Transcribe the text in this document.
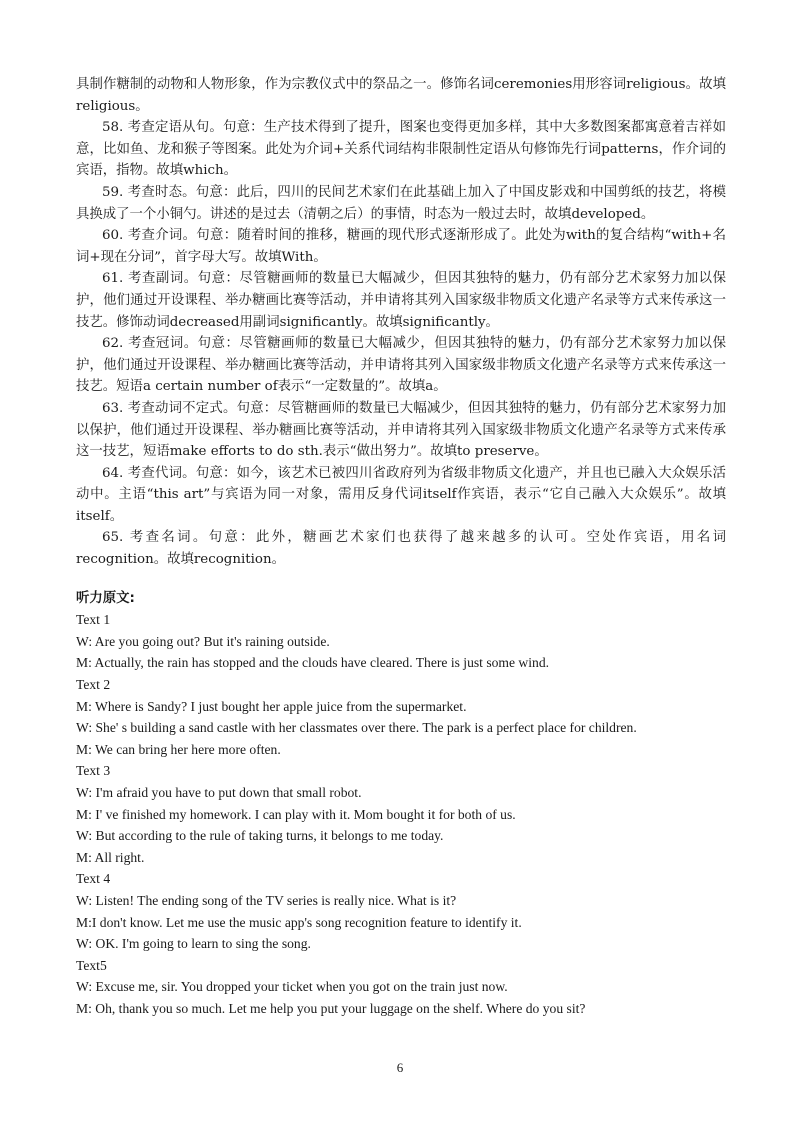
具制作糖制的动物和人物形象，作为宗教仪式中的祭品之一。修饰名词ceremonies用形容词religious。故填religious。

58. 考查定语从句。句意：生产技术得到了提升，图案也变得更加多样，其中大多数图案都寓意着吉祥如意，比如鱼、龙和猴子等图案。此处为介词+关系代词结构非限制性定语从句修饰先行词patterns，作介词的宾语，指物。故填which。

59. 考查时态。句意：此后，四川的民间艺术家们在此基础上加入了中国皮影戏和中国剪纸的技艺，将模具换成了一个小铜勺。讲述的是过去（清朝之后）的事情，时态为一般过去时，故填developed。

60. 考查介词。句意：随着时间的推移，糖画的现代形式逐渐形成了。此处为with的复合结构“with+名词+现在分词”，首字母大写。故填With。

61. 考查副词。句意：尽管糖画师的数量已大幅减少，但因其独特的魅力，仍有部分艺术家努力加以保护，他们通过开设课程、举办糖画比赛等活动，并申请将其列入国家级非物质文化遗产名录等方式来传承这一技艺。修饰动词decreased用副词significantly。故填significantly。

62. 考查冠词。句意：尽管糖画师的数量已大幅减少，但因其独特的魅力，仍有部分艺术家努力加以保护，他们通过开设课程、举办糖画比赛等活动，并申请将其列入国家级非物质文化遗产名录等方式来传承这一技艺。短语a certain number of表示“一定数量的”。故填a。

63. 考查动词不定式。句意：尽管糖画师的数量已大幅减少，但因其独特的魅力，仍有部分艺术家努力加以保护，他们通过开设课程、举办糖画比赛等活动，并申请将其列入国家级非物质文化遗产名录等方式来传承这一技艺，短语make efforts to do sth.表示“做出努力”。故填to preserve。

64. 考查代词。句意：如今，该艺术已被四川省政府列为省级非物质文化遗产，并且也已融入大众娱乐活动中。主语“this art”与宾语为同一对象，需用反身代词itself作宾语，表示“它自己融入大众娱乐”。故填itself。

65. 考查名词。句意：此外，糖画艺术家们也获得了越来越多的认可。空处作宾语，用名词recognition。故填recognition。

听力原文:

Text 1

W: Are you going out? But it's raining outside.

M: Actually, the rain has stopped and the clouds have cleared. There is just some wind.

Text 2

M: Where is Sandy? I just bought her apple juice from the supermarket.

W: She' s building a sand castle with her classmates over there. The park is a perfect place for children.

M: We can bring her here more often.

Text 3

W: I'm afraid you have to put down that small robot.

M: I' ve finished my homework. I can play with it. Mom bought it for both of us.

W: But according to the rule of taking turns, it belongs to me today.

M: All right.

Text 4

W: Listen! The ending song of the TV series is really nice. What is it?

M:I don't know. Let me use the music app's song recognition feature to identify it.

W: OK. I'm going to learn to sing the song.

Text5

W: Excuse me, sir. You dropped your ticket when you got on the train just now.

M: Oh, thank you so much. Let me help you put your luggage on the shelf. Where do you sit?

6
